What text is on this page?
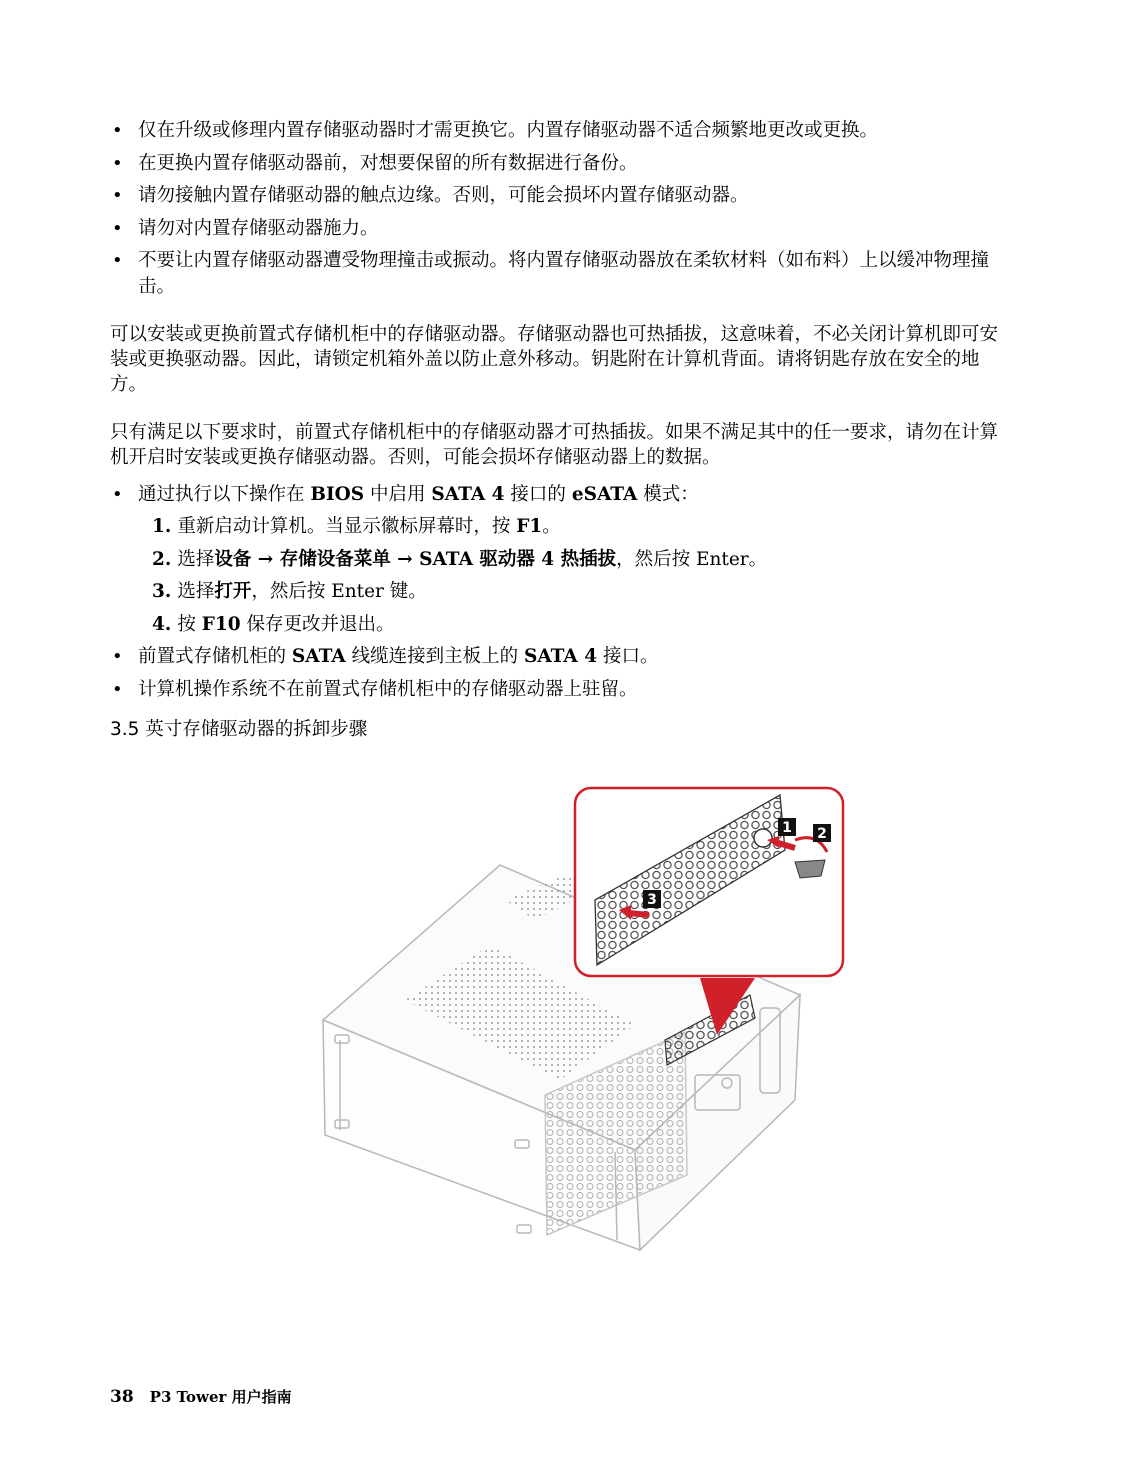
• 仅在升级或修理内置存储驱动器时才需更换它。内置存储驱动器不适合频繁地更改或更换。
• 在更换内置存储驱动器前，对想要保留的所有数据进行备份。
• 请勿接触内置存储驱动器的触点边缘。否则，可能会损坏内置存储驱动器。
• 请勿对内置存储驱动器施力。
• 不要让内置存储驱动器遭受物理撞击或振动。将内置存储驱动器放在柔软材料（如布料）上以缓冲物理撞击。

可以安装或更换前置式存储机柜中的存储驱动器。存储驱动器也可热插拔，这意味着，不必关闭计算机即可安装或更换驱动器。因此，请锁定机箱外盖以防止意外移动。钥匙附在计算机背面。请将钥匙存放在安全的地方。

只有满足以下要求时，前置式存储机柜中的存储驱动器才可热插拔。如果不满足其中的任一要求，请勿在计算机开启时安装或更换存储驱动器。否则，可能会损坏存储驱动器上的数据。

• 通过执行以下操作在 BIOS 中启用 SATA 4 接口的 eSATA 模式：
1. 重新启动计算机。当显示徽标屏幕时，按 F1。
2. 选择设备 → 存储设备菜单 → SATA 驱动器 4 热插拔，然后按 Enter。
3. 选择打开，然后按 Enter 键。
4. 按 F10 保存更改并退出。
• 前置式存储机柜的 SATA 线缆连接到主板上的 SATA 4 接口。
• 计算机操作系统不在前置式存储机柜中的存储驱动器上驻留。
3.5 英寸存储驱动器的拆卸步骤
1 2
3
38 P3 Tower 用户指南
